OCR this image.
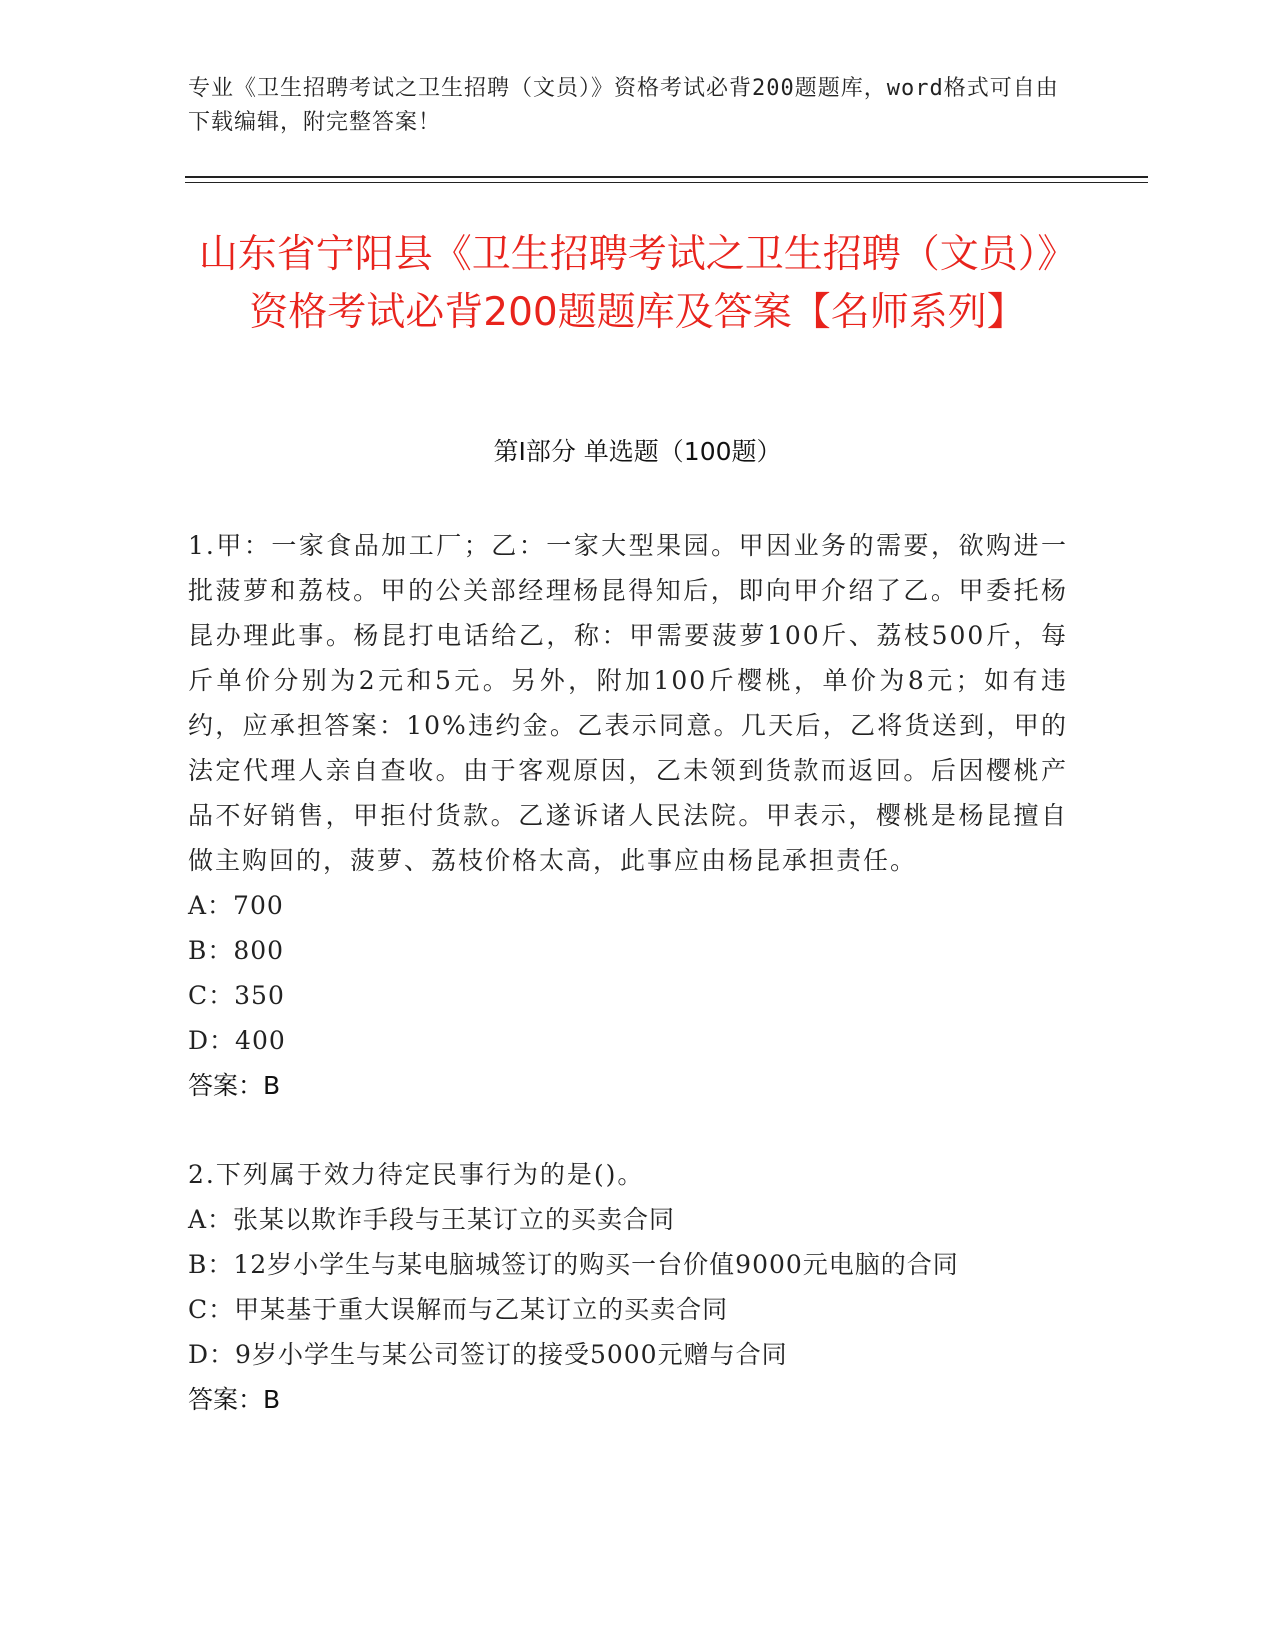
专业《卫生招聘考试之卫生招聘（文员）》资格考试必背200题题库，word格式可自由下载编辑，附完整答案！
山东省宁阳县《卫生招聘考试之卫生招聘（文员）》资格考试必背200题题库及答案【名师系列】
第Ⅰ部分 单选题（100题）
1.甲：一家食品加工厂；乙：一家大型果园。甲因业务的需要，欲购进一批菠萝和荔枝。甲的公关部经理杨昆得知后，即向甲介绍了乙。甲委托杨昆办理此事。杨昆打电话给乙，称：甲需要菠萝100斤、荔枝500斤，每斤单价分别为2元和5元。另外，附加100斤樱桃，单价为8元；如有违约，应承担答案：10%违约金。乙表示同意。几天后，乙将货送到，甲的法定代理人亲自查收。由于客观原因，乙未领到货款而返回。后因樱桃产品不好销售，甲拒付货款。乙遂诉诸人民法院。甲表示，樱桃是杨昆擅自做主购回的，菠萝、荔枝价格太高，此事应由杨昆承担责任。
A：700
B：800
C：350
D：400
答案：B
2.下列属于效力待定民事行为的是()。
A：张某以欺诈手段与王某订立的买卖合同
B：12岁小学生与某电脑城签订的购买一台价值9000元电脑的合同
C：甲某基于重大误解而与乙某订立的买卖合同
D：9岁小学生与某公司签订的接受5000元赠与合同
答案：B
